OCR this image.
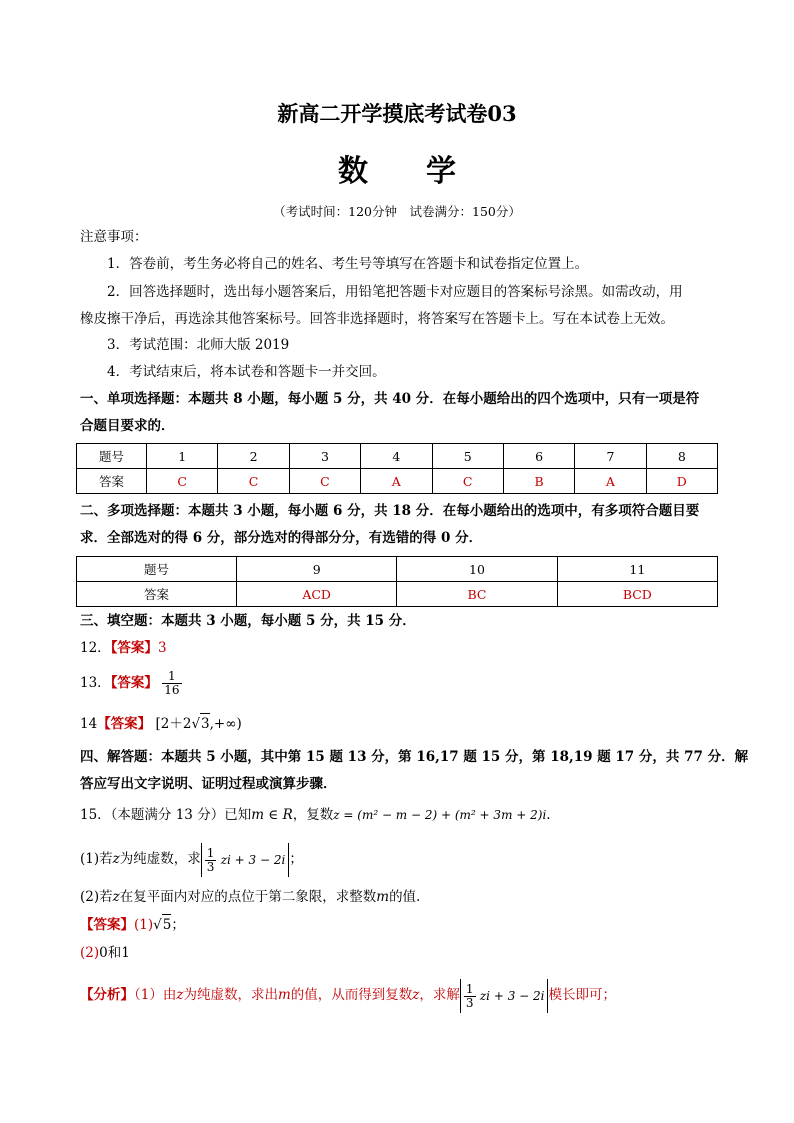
新高二开学摸底考试卷03
数学
（考试时间：120分钟　试卷满分：150分）
注意事项：
1．答卷前，考生务必将自己的姓名、考生号等填写在答题卡和试卷指定位置上。
2．回答选择题时，选出每小题答案后，用铅笔把答题卡对应题目的答案标号涂黑。如需改动，用
橡皮擦干净后，再选涂其他答案标号。回答非选择题时，将答案写在答题卡上。写在本试卷上无效。
3．考试范围：北师大版 2019
4．考试结束后，将本试卷和答题卡一并交回。
一、单项选择题：本题共 8 小题，每小题 5 分，共 40 分．在每小题给出的四个选项中，只有一项是符
合题目要求的．
题号	1	2	3	4	5	6	7	8
答案	C	C	C	A	C	B	A	D
二、多项选择题：本题共 3 小题，每小题 6 分，共 18 分．在每小题给出的选项中，有多项符合题目要
求．全部选对的得 6 分，部分选对的得部分分，有选错的得 0 分．
题号	9	10	11
答案	ACD	BC	BCD
三、填空题：本题共 3 小题，每小题 5 分，共 15 分．
12．【答案】3
13．【答案】 $\frac{1}{16}$
14【答案】 [2＋2√3,+∞)
四、解答题：本题共 5 小题，其中第 15 题 13 分，第 16,17 题 15 分，第 18,19 题 17 分，共 77 分．解
答应写出文字说明、证明过程或演算步骤．
15．（本题满分 13 分）已知m ∈ R，复数z = (m² − m − 2) + (m² + 3m + 2)i.
(1)若z为纯虚数，求 $\frac{1}{3}$ zi + 3 − 2i ；
(2)若z在复平面内对应的点位于第二象限，求整数m的值.
【答案】(1)√5；
(2)0和1
【分析】（1）由z为纯虚数，求出m的值，从而得到复数z，求解 $\frac{1}{3}$ zi + 3 − 2i 模长即可；
